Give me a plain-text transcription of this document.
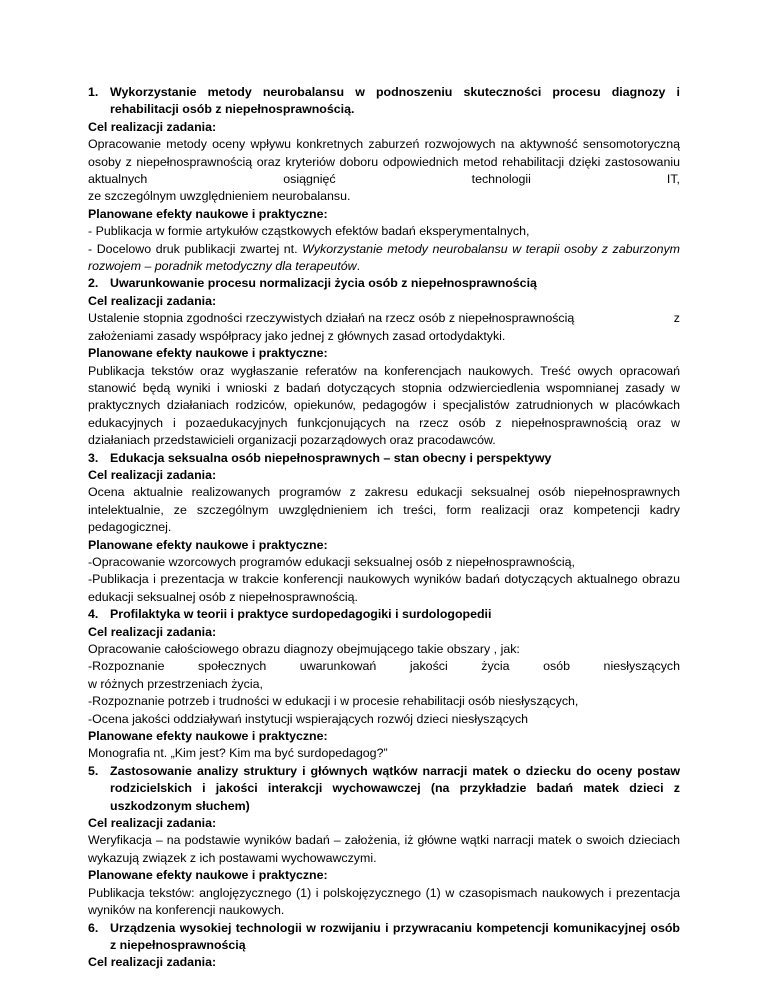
1. Wykorzystanie metody neurobalansu w podnoszeniu skuteczności procesu diagnozy i rehabilitacji osób z niepełnosprawnością.

Cel realizacji zadania:

Opracowanie metody oceny wpływu konkretnych zaburzeń rozwojowych na aktywność sensomotoryczną osoby z niepełnosprawnością oraz kryteriów doboru odpowiednich metod rehabilitacji dzięki zastosowaniu aktualnych osiągnięć technologii IT,

ze szczególnym uwzględnieniem neurobalansu.

Planowane efekty naukowe i praktyczne:

- Publikacja w formie artykułów cząstkowych efektów badań eksperymentalnych,

- Docelowo druk publikacji zwartej nt. Wykorzystanie metody neurobalansu w terapii osoby z zaburzonym rozwojem – poradnik metodyczny dla terapeutów.

2. Uwarunkowanie procesu normalizacji życia osób z niepełnosprawnością

Cel realizacji zadania:

Ustalenie stopnia zgodności rzeczywistych działań na rzecz osób z niepełnosprawnością	z

założeniami zasady współpracy jako jednej z głównych zasad ortodydaktyki.

Planowane efekty naukowe i praktyczne:

Publikacja tekstów oraz wygłaszanie referatów na konferencjach naukowych. Treść owych opracowań stanowić będą wyniki i wnioski z badań dotyczących stopnia odzwierciedlenia wspomnianej zasady w praktycznych działaniach rodziców, opiekunów, pedagogów i specjalistów zatrudnionych w placówkach edukacyjnych i pozaedukacyjnych funkcjonujących na rzecz osób z niepełnosprawnością oraz w działaniach przedstawicieli organizacji pozarządowych oraz pracodawców.

3. Edukacja seksualna osób niepełnosprawnych – stan obecny i perspektywy

Cel realizacji zadania:

Ocena aktualnie realizowanych programów z zakresu edukacji seksualnej osób niepełnosprawnych intelektualnie, ze szczególnym uwzględnieniem ich treści, form realizacji oraz kompetencji kadry pedagogicznej.

Planowane efekty naukowe i praktyczne:

-Opracowanie wzorcowych programów edukacji seksualnej osób z niepełnosprawnością,

-Publikacja i prezentacja w trakcie konferencji naukowych wyników badań dotyczących aktualnego obrazu edukacji seksualnej osób z niepełnosprawnością.

4. Profilaktyka w teorii i praktyce surdopedagogiki i surdologopedii

Cel realizacji zadania:

Opracowanie całościowego obrazu diagnozy obejmującego takie obszary , jak:

-Rozpoznanie społecznych uwarunkowań jakości życia osób niesłyszących

w różnych przestrzeniach życia,

-Rozpoznanie potrzeb i trudności w edukacji i w procesie rehabilitacji osób niesłyszących,

-Ocena jakości oddziaływań instytucji wspierających rozwój dzieci niesłyszących

Planowane efekty naukowe i praktyczne:

Monografia nt. „Kim jest? Kim ma być surdopedagog?”

5. Zastosowanie analizy struktury i głównych wątków narracji matek o dziecku do oceny postaw rodzicielskich i jakości interakcji wychowawczej (na przykładzie badań matek dzieci z uszkodzonym słuchem)

Cel realizacji zadania:

Weryfikacja – na podstawie wyników badań – założenia, iż główne wątki narracji matek o swoich dzieciach wykazują związek z ich postawami wychowawczymi.

Planowane efekty naukowe i praktyczne:

Publikacja tekstów: anglojęzycznego (1) i polskojęzycznego (1) w czasopismach naukowych i prezentacja wyników na konferencji naukowych.

6. Urządzenia wysokiej technologii w rozwijaniu i przywracaniu kompetencji komunikacyjnej osób z niepełnosprawnością

Cel realizacji zadania:
